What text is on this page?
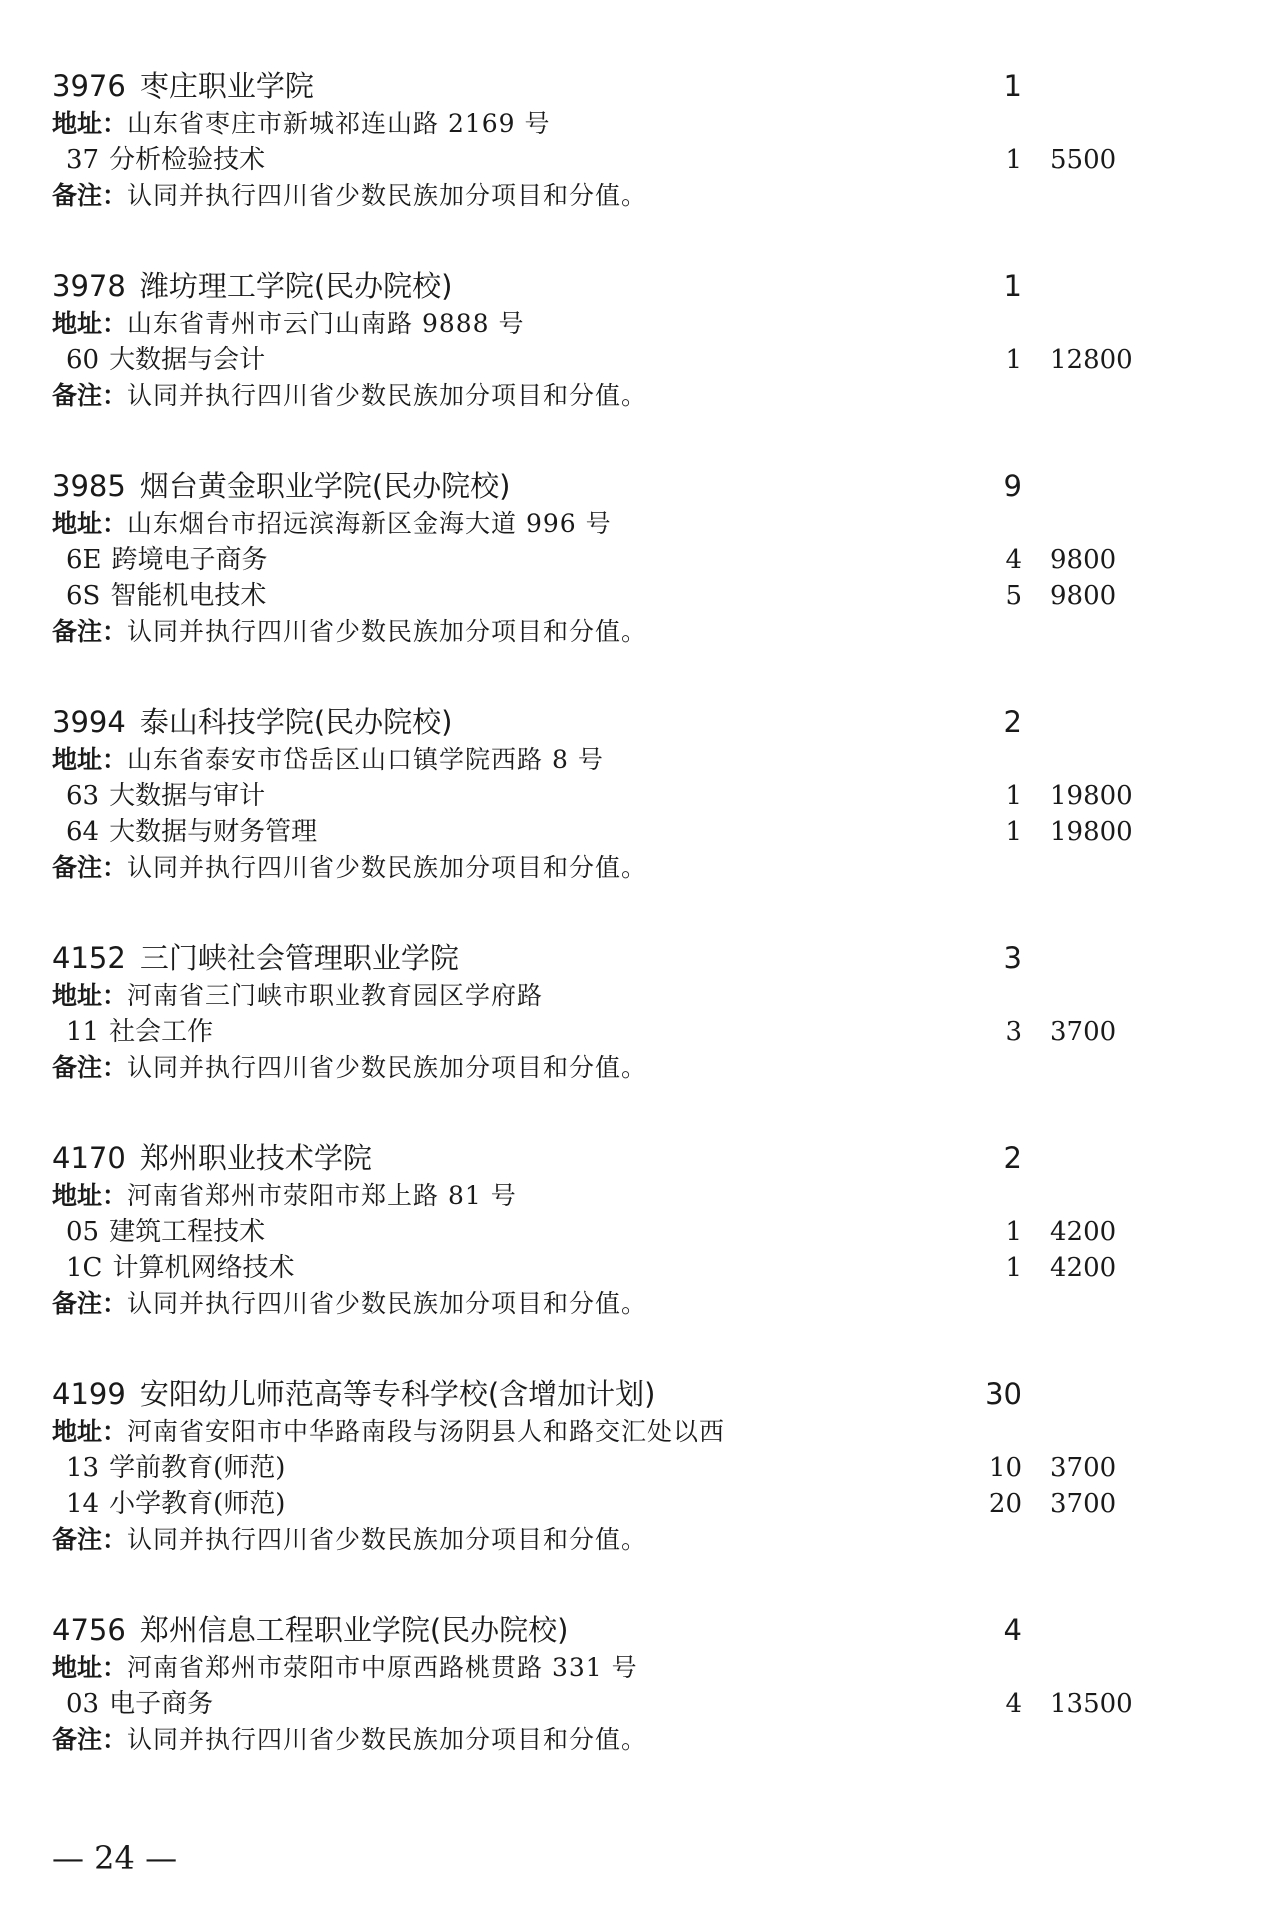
3976 枣庄职业学院	1
地址：山东省枣庄市新城祁连山路 2169 号
37 分析检验技术	1 5500
备注：认同并执行四川省少数民族加分项目和分值。
3978 潍坊理工学院(民办院校)	1
地址：山东省青州市云门山南路 9888 号
60 大数据与会计	1 12800
备注：认同并执行四川省少数民族加分项目和分值。
3985 烟台黄金职业学院(民办院校)	9
地址：山东烟台市招远滨海新区金海大道 996 号
6E 跨境电子商务	4 9800
6S 智能机电技术	5 9800
备注：认同并执行四川省少数民族加分项目和分值。
3994 泰山科技学院(民办院校)	2
地址：山东省泰安市岱岳区山口镇学院西路 8 号
63 大数据与审计	1 19800
64 大数据与财务管理	1 19800
备注：认同并执行四川省少数民族加分项目和分值。
4152 三门峡社会管理职业学院	3
地址：河南省三门峡市职业教育园区学府路
11 社会工作	3 3700
备注：认同并执行四川省少数民族加分项目和分值。
4170 郑州职业技术学院	2
地址：河南省郑州市荥阳市郑上路 81 号
05 建筑工程技术	1 4200
1C 计算机网络技术	1 4200
备注：认同并执行四川省少数民族加分项目和分值。
4199 安阳幼儿师范高等专科学校(含增加计划)	30
地址：河南省安阳市中华路南段与汤阴县人和路交汇处以西
13 学前教育(师范)	10 3700
14 小学教育(师范)	20 3700
备注：认同并执行四川省少数民族加分项目和分值。
4756 郑州信息工程职业学院(民办院校)	4
地址：河南省郑州市荥阳市中原西路桃贯路 331 号
03 电子商务	4 13500
备注：认同并执行四川省少数民族加分项目和分值。
— 24 —
